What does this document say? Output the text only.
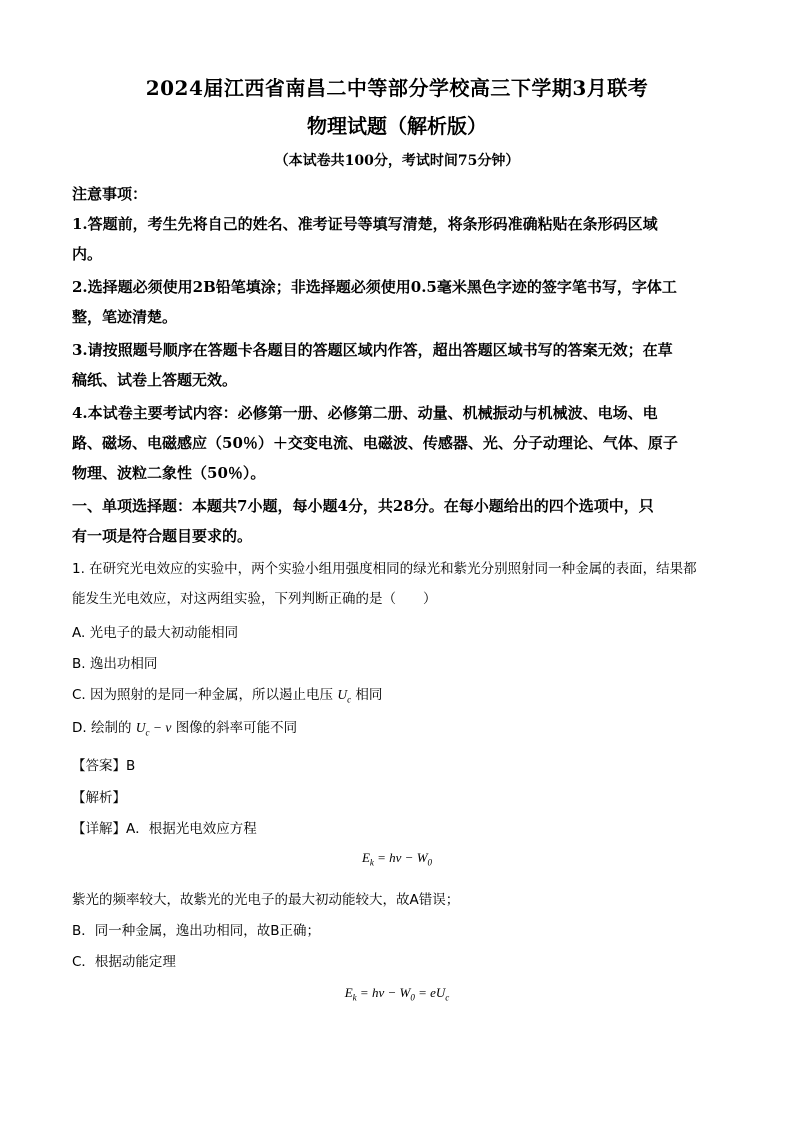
2024届江西省南昌二中等部分学校高三下学期3月联考
物理试题（解析版）
（本试卷共100分，考试时间75分钟）
注意事项：
1.答题前，考生先将自己的姓名、准考证号等填写清楚，将条形码准确粘贴在条形码区域
内。
2.选择题必须使用2B铅笔填涂；非选择题必须使用0.5毫米黑色字迹的签字笔书写，字体工
整，笔迹清楚。
3.请按照题号顺序在答题卡各题目的答题区域内作答，超出答题区域书写的答案无效；在草
稿纸、试卷上答题无效。
4.本试卷主要考试内容：必修第一册、必修第二册、动量、机械振动与机械波、电场、电
路、磁场、电磁感应（50％）＋交变电流、电磁波、传感器、光、分子动理论、气体、原子
物理、波粒二象性（50％）。
一、单项选择题：本题共7小题，每小题4分，共28分。在每小题给出的四个选项中，只
有一项是符合题目要求的。
1. 在研究光电效应的实验中，两个实验小组用强度相同的绿光和紫光分别照射同一种金属的表面，结果都
能发生光电效应，对这两组实验，下列判断正确的是（　　）
A. 光电子的最大初动能相同
B. 逸出功相同
C. 因为照射的是同一种金属，所以遏止电压 $U_c$ 相同
D. 绘制的 $U_c - \nu$ 图像的斜率可能不同
【答案】B
【解析】
【详解】A．根据光电效应方程
$E_k = h\nu - W_0$
紫光的频率较大，故紫光的光电子的最大初动能较大，故A错误；
B．同一种金属，逸出功相同，故B正确；
C．根据动能定理
$E_k = h\nu - W_0 = eU_c$
